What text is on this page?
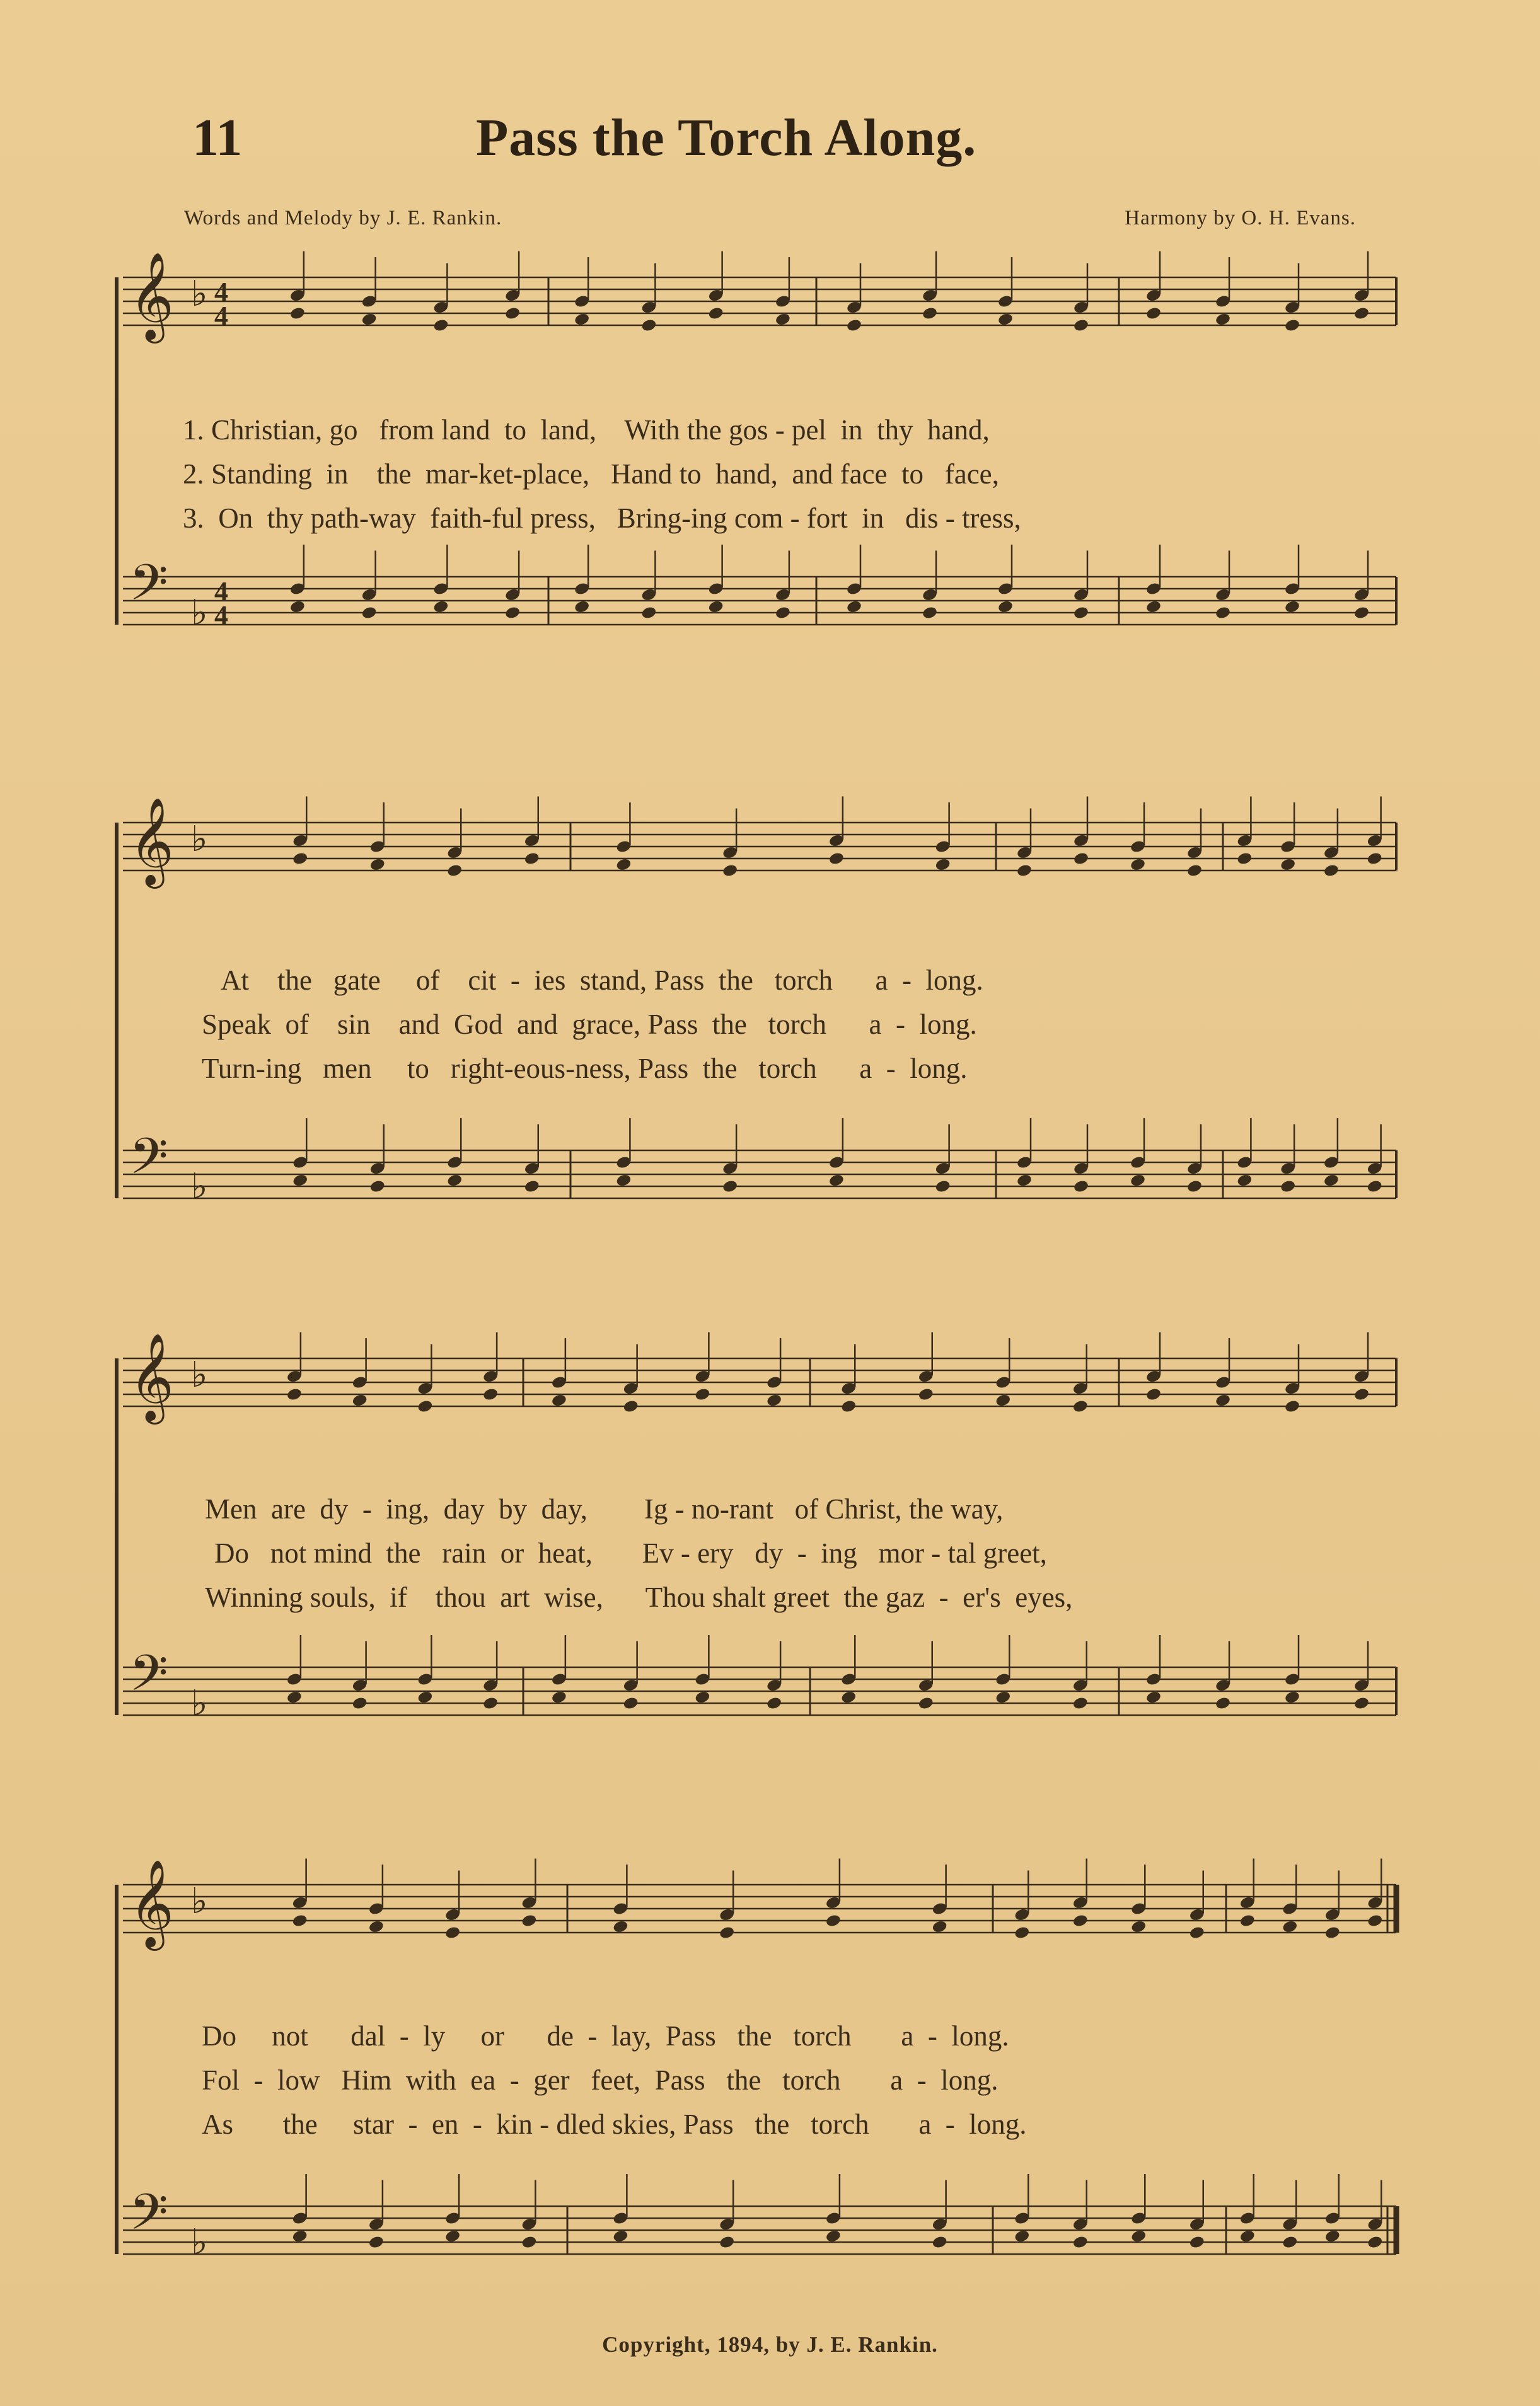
11	Pass the Torch Along.
Words and Melody by J. E. Rankin.	Harmony by O. H. Evans.
𝄞 ♭ 4
4
𝄢 ♭
4
4
𝄞 ♭
𝄢 ♭
𝄞 ♭
𝄢 ♭
𝄞 ♭
𝄢 ♭
1. Christian, go   from land  to  land,    With the gos - pel  in  thy  hand,
2. Standing  in    the  mar-ket-place,   Hand to  hand,  and face  to   face,
3.  On  thy path-way  faith-ful press,   Bring-ing com - fort  in   dis - tress,
At    the   gate     of    cit  -  ies  stand, Pass  the   torch      a  -  long.
Speak  of    sin    and  God  and  grace, Pass  the   torch      a  -  long.
Turn-ing   men     to   right-eous-ness, Pass  the   torch      a  -  long.
Men  are  dy  -  ing,  day  by  day,        Ig - no-rant   of Christ, the way,
Do   not mind  the   rain  or  heat,       Ev - ery   dy  -  ing   mor - tal greet,
Winning souls,  if    thou  art  wise,      Thou shalt greet  the gaz  -  er's  eyes,
Do     not      dal  -  ly     or      de  -  lay,  Pass   the   torch       a  -  long.
Fol  -  low   Him  with  ea  -  ger   feet,  Pass   the   torch       a  -  long.
As       the     star  -  en  -  kin - dled skies, Pass   the   torch       a  -  long.
Copyright, 1894, by J. E. Rankin.
